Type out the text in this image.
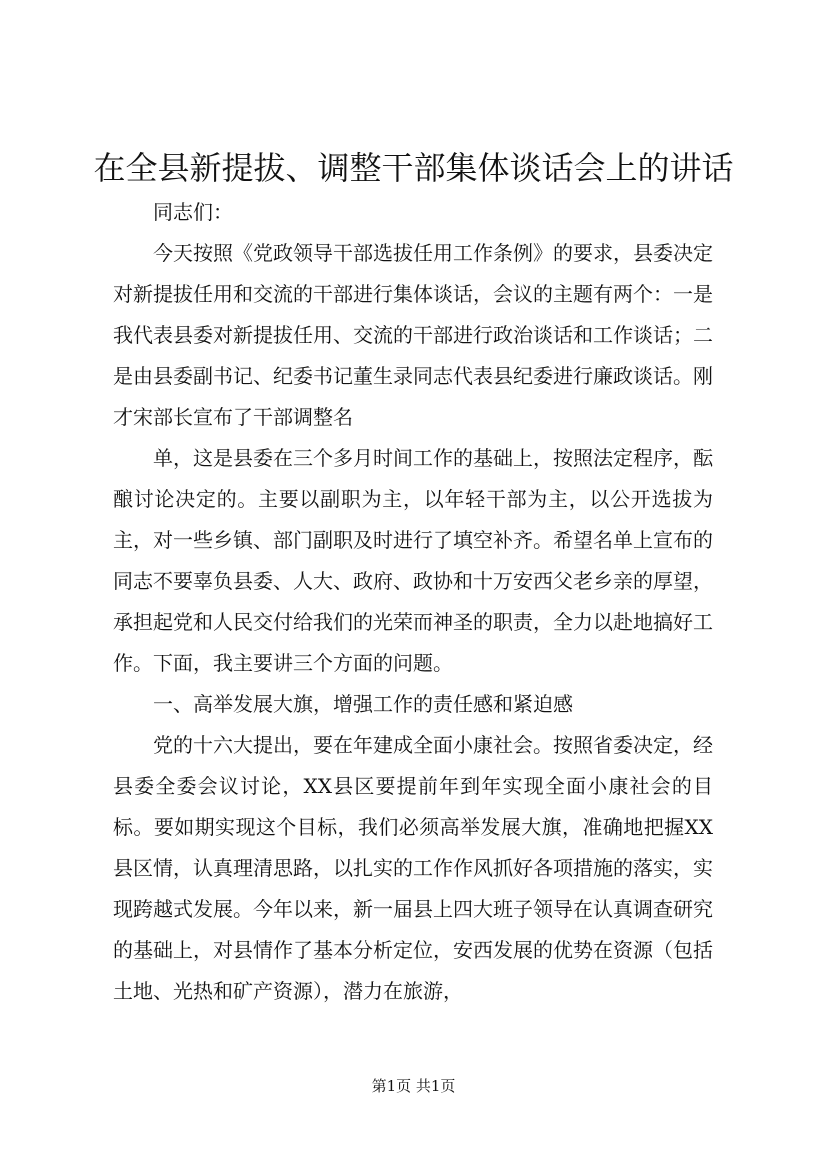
在全县新提拔、调整干部集体谈话会上的讲话

同志们：

今天按照《党政领导干部选拔任用工作条例》的要求，县委决定对新提拔任用和交流的干部进行集体谈话，会议的主题有两个：一是我代表县委对新提拔任用、交流的干部进行政治谈话和工作谈话；二是由县委副书记、纪委书记董生录同志代表县纪委进行廉政谈话。刚才宋部长宣布了干部调整名

单，这是县委在三个多月时间工作的基础上，按照法定程序，酝酿讨论决定的。主要以副职为主，以年轻干部为主，以公开选拔为主，对一些乡镇、部门副职及时进行了填空补齐。希望名单上宣布的同志不要辜负县委、人大、政府、政协和十万安西父老乡亲的厚望，承担起党和人民交付给我们的光荣而神圣的职责，全力以赴地搞好工作。下面，我主要讲三个方面的问题。

一、高举发展大旗，增强工作的责任感和紧迫感

党的十六大提出，要在年建成全面小康社会。按照省委决定，经县委全委会议讨论，XX县区要提前年到年实现全面小康社会的目标。要如期实现这个目标，我们必须高举发展大旗，准确地把握XX县区情，认真理清思路，以扎实的工作作风抓好各项措施的落实，实现跨越式发展。今年以来，新一届县上四大班子领导在认真调查研究的基础上，对县情作了基本分析定位，安西发展的优势在资源（包括土地、光热和矿产资源），潜力在旅游，

第1页 共1页
